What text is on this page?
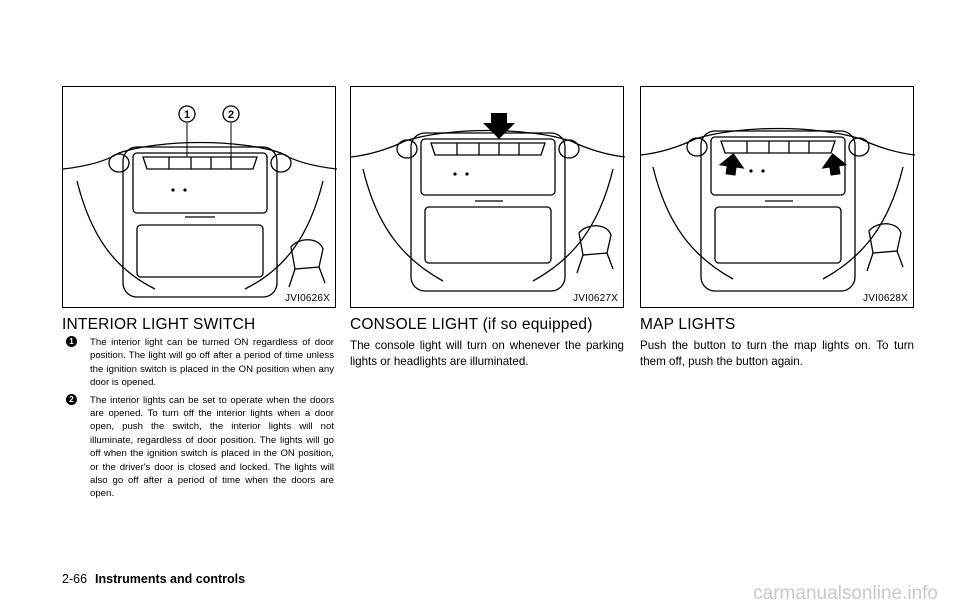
1	2
JVI0626X	JVI0627X	JVI0628X
INTERIOR LIGHT SWITCH
1	The interior light can be turned ON regardless of door position. The light will go off after a period of time unless the ignition switch is placed in the ON position when any door is opened.
2	The interior lights can be set to operate when the doors are opened. To turn off the interior lights when a door open, push the switch, the interior lights will not illuminate, regardless of door position. The lights will go off when the ignition switch is placed in the ON position, or the driver's door is closed and locked. The lights will also go off after a period of time when the doors are open.
CONSOLE LIGHT (if so equipped)
The console light will turn on whenever the parking lights or headlights are illuminated.
MAP LIGHTS
Push the button to turn the map lights on. To turn them off, push the button again.
2-66 Instruments and controls
carmanualsonline.info
